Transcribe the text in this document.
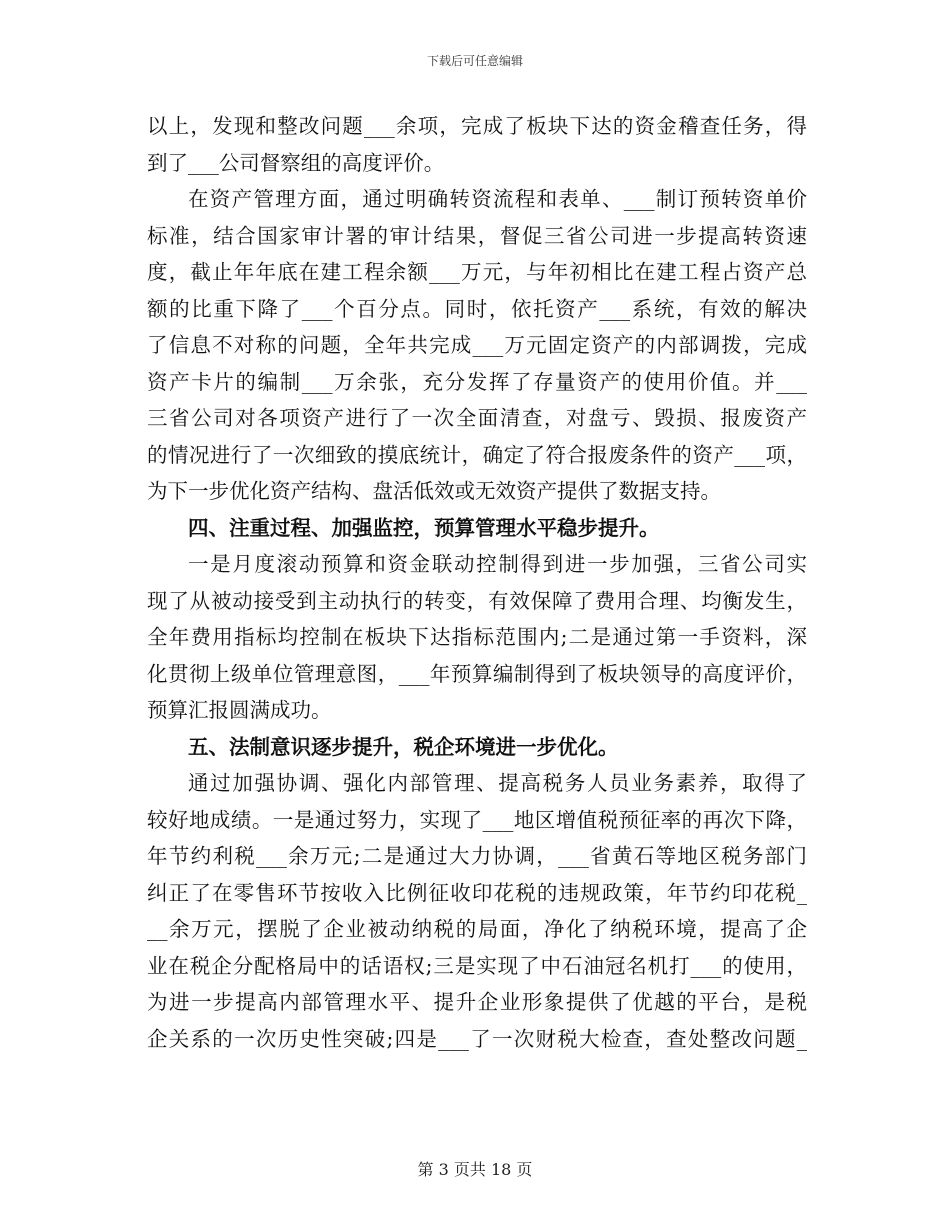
下载后可任意编辑
以上，发现和整改问题___余项，完成了板块下达的资金稽查任务，得
到了___公司督察组的高度评价。
在资产管理方面，通过明确转资流程和表单、___制订预转资单价
标准，结合国家审计署的审计结果，督促三省公司进一步提高转资速
度，截止年年底在建工程余额___万元，与年初相比在建工程占资产总
额的比重下降了___个百分点。同时，依托资产___系统，有效的解决
了信息不对称的问题，全年共完成___万元固定资产的内部调拨，完成
资产卡片的编制___万余张，充分发挥了存量资产的使用价值。并___
三省公司对各项资产进行了一次全面清查，对盘亏、毁损、报废资产
的情况进行了一次细致的摸底统计，确定了符合报废条件的资产___项，
为下一步优化资产结构、盘活低效或无效资产提供了数据支持。
四、注重过程、加强监控，预算管理水平稳步提升。
一是月度滚动预算和资金联动控制得到进一步加强，三省公司实
现了从被动接受到主动执行的转变，有效保障了费用合理、均衡发生，
全年费用指标均控制在板块下达指标范围内;二是通过第一手资料，深
化贯彻上级单位管理意图，___年预算编制得到了板块领导的高度评价，
预算汇报圆满成功。
五、法制意识逐步提升，税企环境进一步优化。
通过加强协调、强化内部管理、提高税务人员业务素养，取得了
较好地成绩。一是通过努力，实现了___地区增值税预征率的再次下降，
年节约利税___余万元;二是通过大力协调，___省黄石等地区税务部门
纠正了在零售环节按收入比例征收印花税的违规政策，年节约印花税_
__余万元，摆脱了企业被动纳税的局面，净化了纳税环境，提高了企
业在税企分配格局中的话语权;三是实现了中石油冠名机打___的使用，
为进一步提高内部管理水平、提升企业形象提供了优越的平台，是税
企关系的一次历史性突破;四是___了一次财税大检查，查处整改问题_
第 3 页共 18 页
